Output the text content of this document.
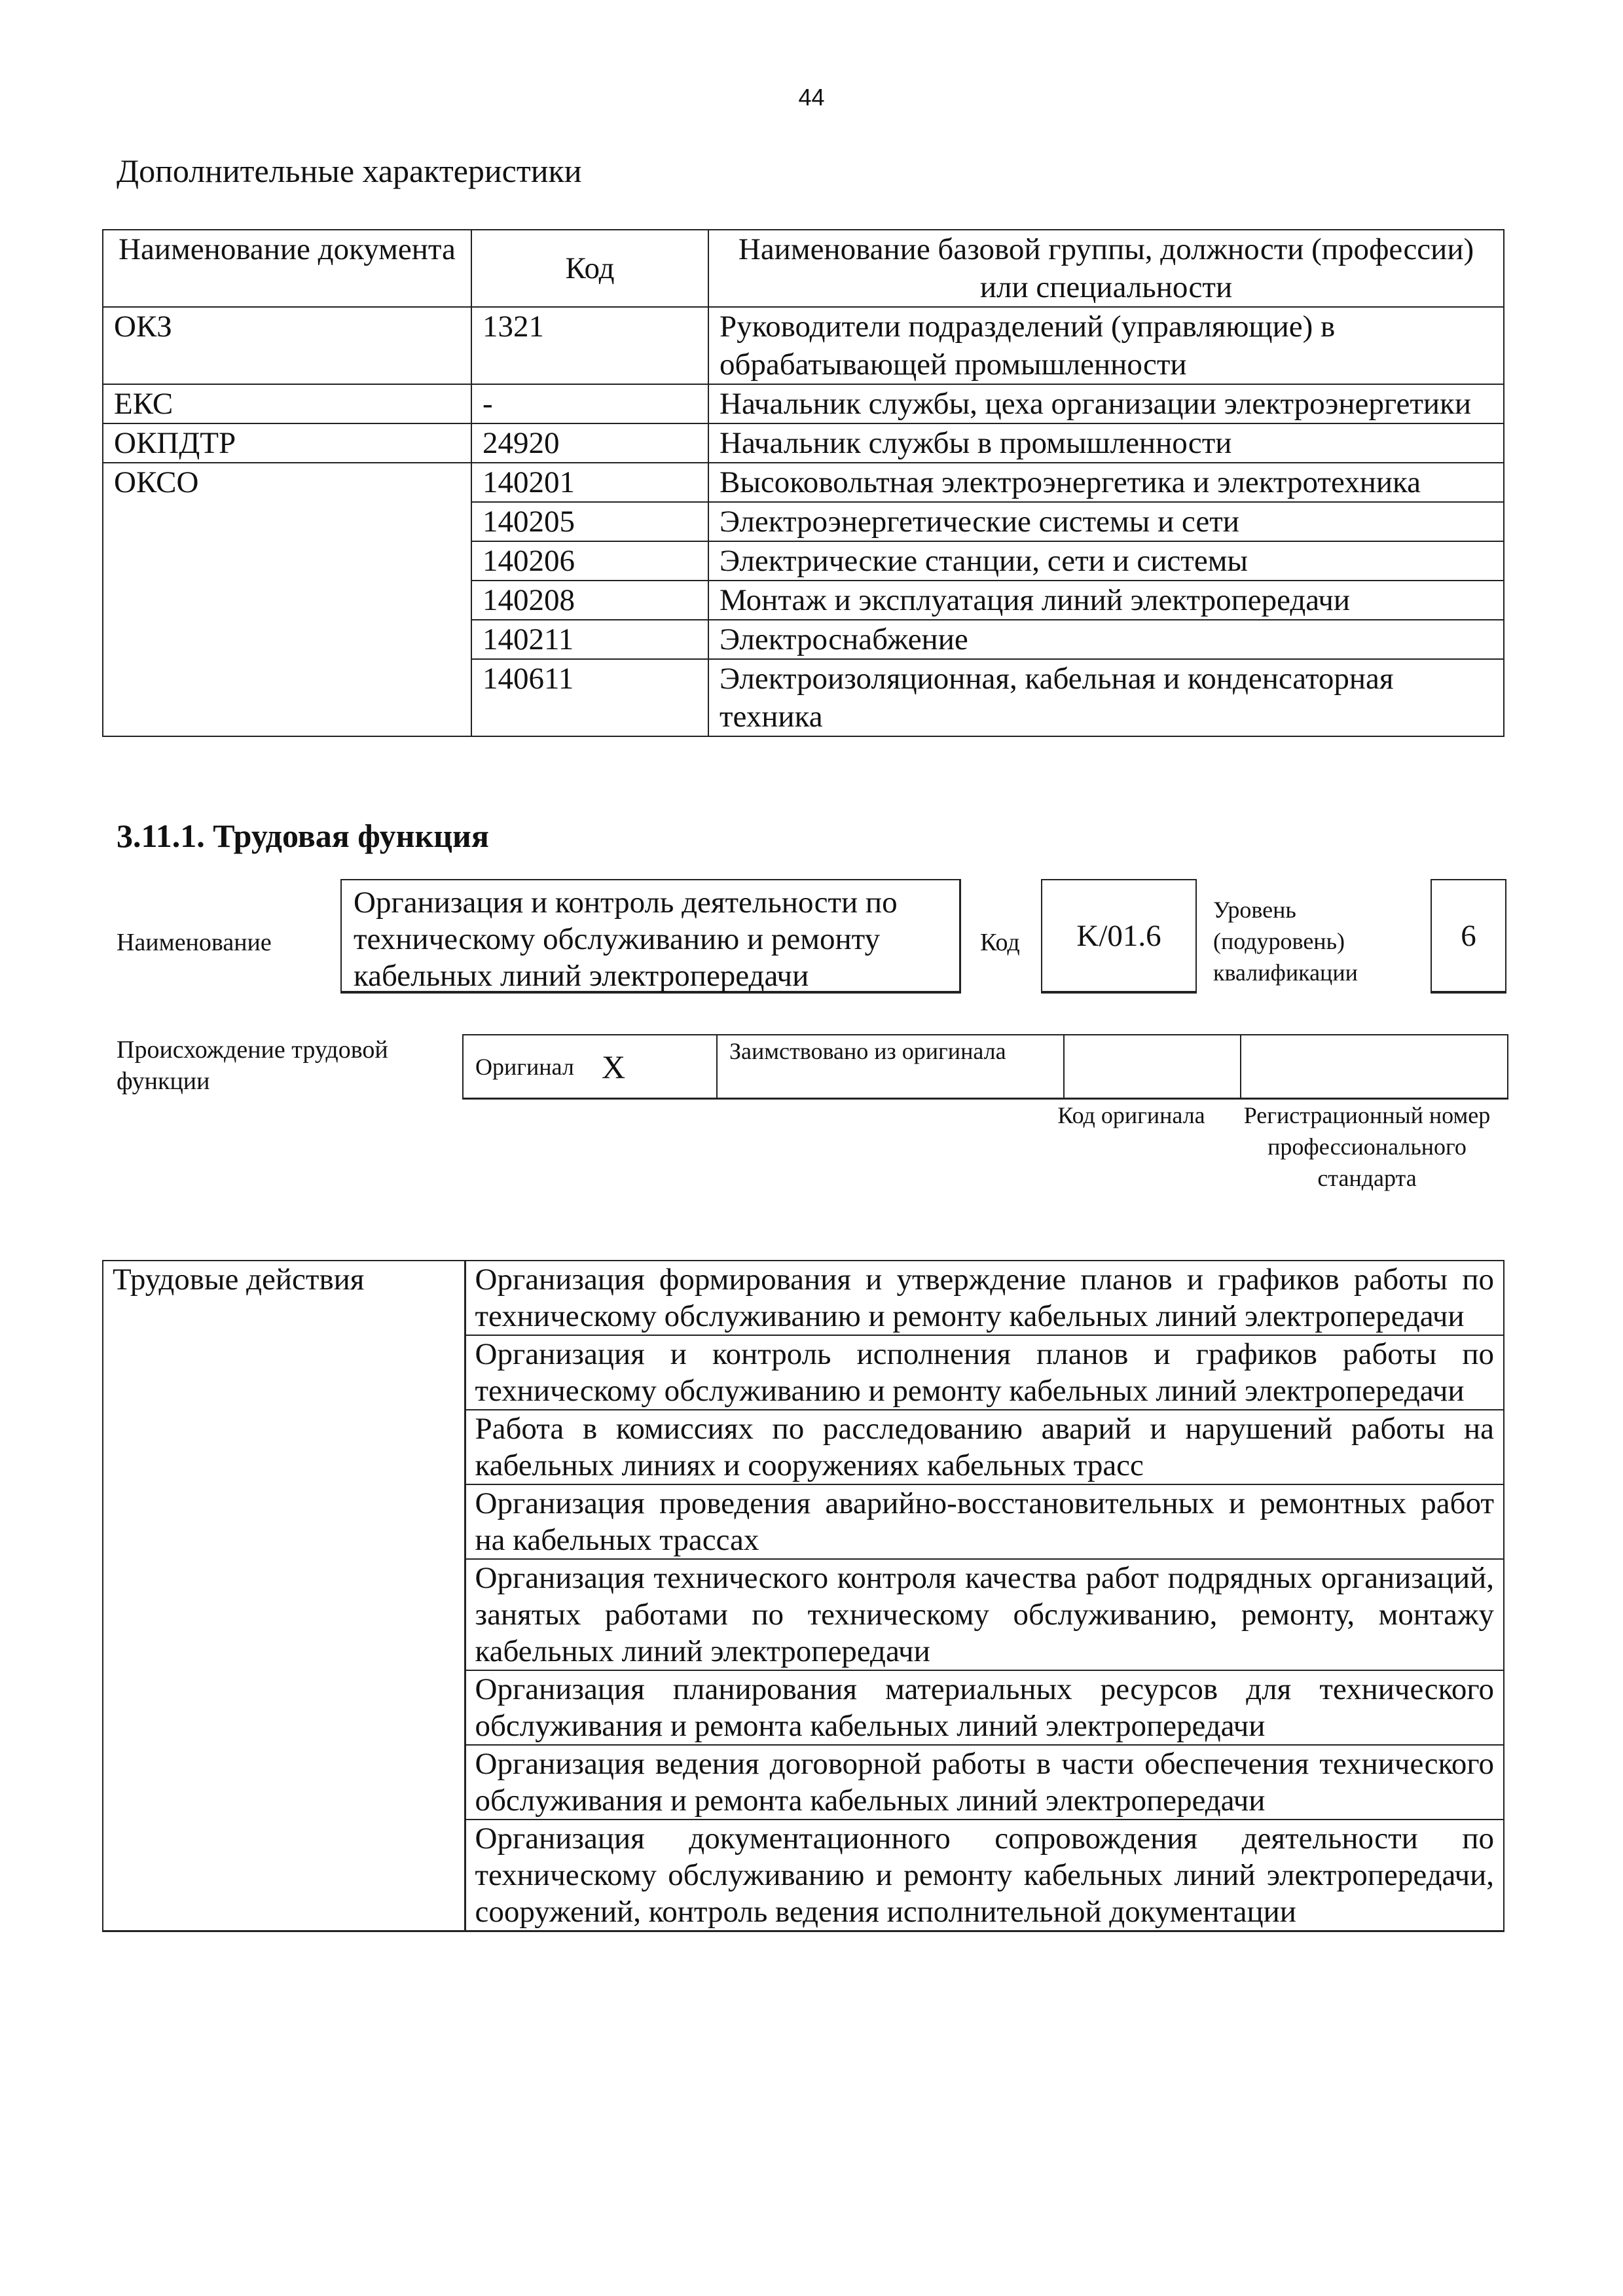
44
Дополнительные характеристики
Наименование документа	Код	Наименование базовой группы, должности (профессии) или специальности
ОКЗ	1321	Руководители подразделений (управляющие) в обрабатывающей промышленности
ЕКС	-	Начальник службы, цеха организации электроэнергетики
ОКПДТР	24920	Начальник службы в промышленности
ОКСО	140201	Высоковольтная электроэнергетика и электротехника
	140205	Электроэнергетические системы и сети
	140206	Электрические станции, сети и системы
	140208	Монтаж и эксплуатация линий электропередачи
	140211	Электроснабжение
	140611	Электроизоляционная, кабельная и конденсаторная техника
3.11.1. Трудовая функция
Наименование
Организация и контроль деятельности по техническому обслуживанию и ремонту кабельных линий электропередачи
Код	K/01.6
Уровень
(подуровень)
квалификации
6
Происхождение трудовой функции
Оригинал	X	Заимствовано из оригинала		
Код оригинала	Регистрационный номер профессионального стандарта
Трудовые действия	Организация формирования и утверждение планов и графиков работы по техническому обслуживанию и ремонту кабельных линий электропередачи
Организация и контроль исполнения планов и графиков работы по техническому обслуживанию и ремонту кабельных линий электропередачи
Работа в комиссиях по расследованию аварий и нарушений работы на кабельных линиях и сооружениях кабельных трасс
Организация проведения аварийно-восстановительных и ремонтных работ на кабельных трассах
Организация технического контроля качества работ подрядных организаций, занятых работами по техническому обслуживанию, ремонту, монтажу кабельных линий электропередачи
Организация планирования материальных ресурсов для технического обслуживания и ремонта кабельных линий электропередачи
Организация ведения договорной работы в части обеспечения технического обслуживания и ремонта кабельных линий электропередачи
Организация документационного сопровождения деятельности по техническому обслуживанию и ремонту кабельных линий электропередачи, сооружений, контроль ведения исполнительной документации
